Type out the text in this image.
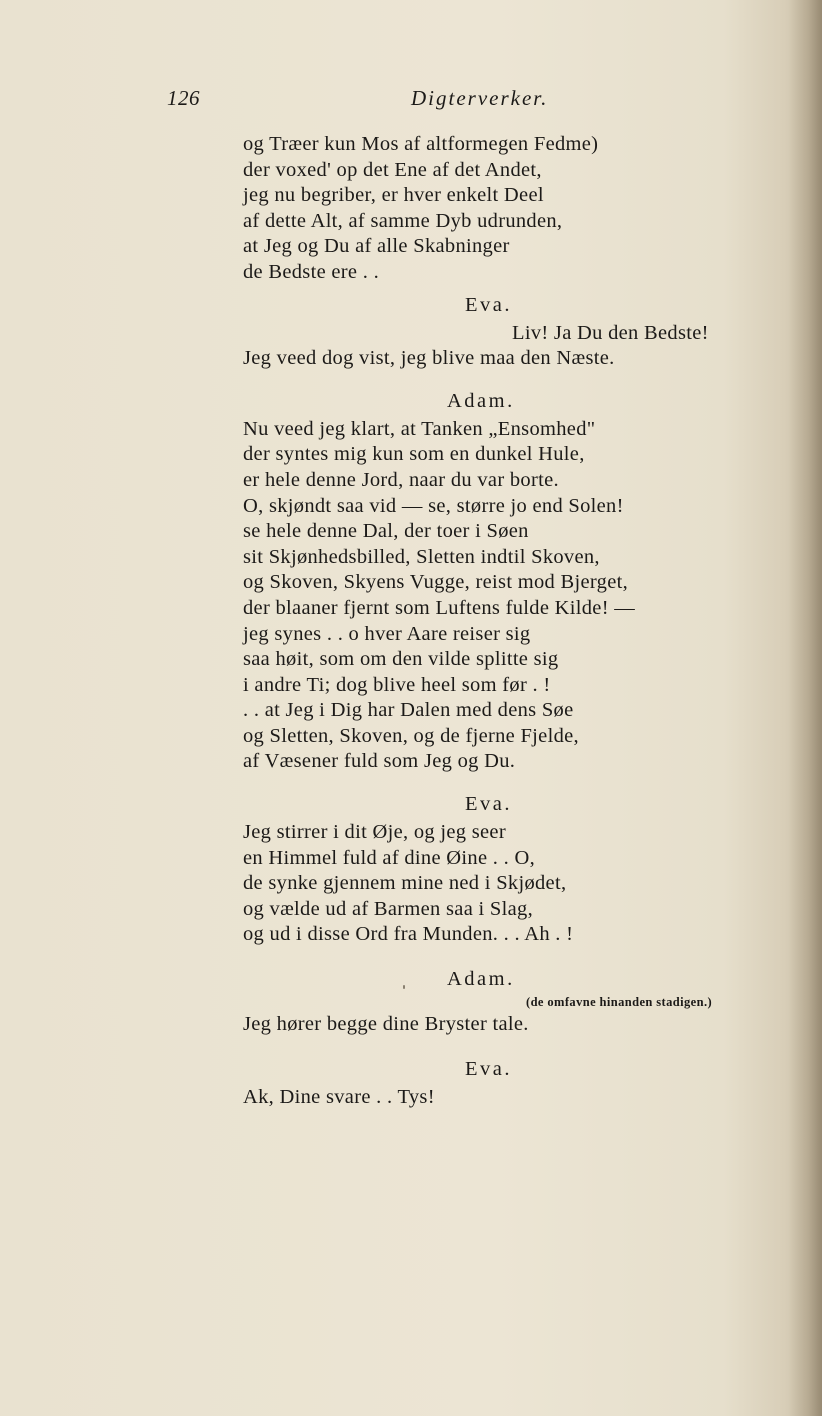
126	Digterverker.
og Træer kun Mos af altformegen Fedme)
der voxed' op det Ene af det Andet,
jeg nu begriber, er hver enkelt Deel
af dette Alt, af samme Dyb udrunden,
at Jeg og Du af alle Skabninger
de Bedste ere . .
Eva.
Liv! Ja Du den Bedste!
Jeg veed dog vist, jeg blive maa den Næste.
Adam.
Nu veed jeg klart, at Tanken „Ensomhed"
der syntes mig kun som en dunkel Hule,
er hele denne Jord, naar du var borte.
O, skjøndt saa vid — se, større jo end Solen!
se hele denne Dal, der toer i Søen
sit Skjønhedsbilled, Sletten indtil Skoven,
og Skoven, Skyens Vugge, reist mod Bjerget,
der blaaner fjernt som Luftens fulde Kilde! —
jeg synes . . o hver Aare reiser sig
saa høit, som om den vilde splitte sig
i andre Ti; dog blive heel som før . !
. . at Jeg i Dig har Dalen med dens Søe
og Sletten, Skoven, og de fjerne Fjelde,
af Væsener fuld som Jeg og Du.
Eva.
Jeg stirrer i dit Øje, og jeg seer
en Himmel fuld af dine Øine . . O,
de synke gjennem mine ned i Skjødet,
og vælde ud af Barmen saa i Slag,
og ud i disse Ord fra Munden. . . Ah . !
Adam.
(de omfavne hinanden stadigen.)
Jeg hører begge dine Bryster tale.
Eva.
Ak, Dine svare . . Tys!
